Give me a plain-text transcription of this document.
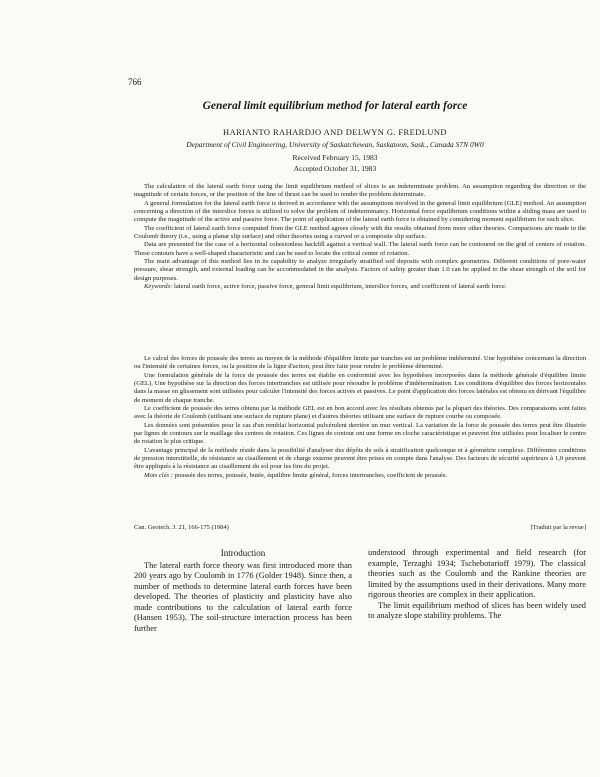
766
General limit equilibrium method for lateral earth force
HARIANTO RAHARDJO AND DELWYN G. FREDLUND
Department of Civil Engineering, University of Saskatchewan, Saskatoon, Sask., Canada S7N 0W0
Received February 15, 1983
Accepted October 31, 1983

The calculation of the lateral earth force using the limit equilibrium method of slices is an indeterminate problem. An assumption regarding the direction or the magnitude of certain forces, or the position of the line of thrust can be used to render the problem determinate.

A general formulation for the lateral earth force is derived in accordance with the assumptions involved in the general limit equilibrium (GLE) method. An assumption concerning a direction of the interslice forces is utilized to solve the problem of indeterminancy. Horizontal force equilibrium conditions within a sliding mass are used to compute the magnitude of the active and passive force. The point of application of the lateral earth force is obtained by considering moment equilibrium for each slice.

The coefficient of lateral earth force computed from the GLE method agrees closely with the results obtained from more other theories. Comparisons are made to the Coulomb theory (i.e., using a planar slip surface) and other theories using a curved or a composite slip surface.

Data are presented for the case of a horizontal cohesionless backfill against a vertical wall. The lateral earth force can be contoured on the grid of centers of rotation. These contours have a well-shaped characteristic and can be used to locate the critical center of rotation.

The main advantage of this method lies in its capability to analyze irregularly stratified soil deposits with complex geometries. Different conditions of pore-water pressure, shear strength, and external loading can be accommodated in the analysis. Factors of safety greater than 1.0 can be applied to the shear strength of the soil for design purposes.

Keywords: lateral earth force, active force, passive force, general limit equilibrium, interslice forces, and coefficient of lateral earth force.

Le calcul des forces de poussée des terres au moyen de la méthode d'équilibre limite par tranches est un problème indéterminé. Une hypothèse concernant la direction ou l'intensité de certaines forces, ou la position de la ligne d'action, peut être faite pour rendre le problème déterminé.

Une formulation générale de la force de poussée des terres est établie en conformité avec les hypothèses incorporées dans la méthode générale d'équilibre limite (GEL). Une hypothèse sur la direction des forces intertranches est utilisée pour résoudre le problème d'indétermination. Les conditions d'équilibre des forces horizontales dans la masse en glissement sont utilisées pour calculer l'intensité des forces actives et passives. Le point d'application des forces latérales est obtenu en dérivant l'équilibre de moment de chaque tranche.

Le coefficient de poussée des terres obtenu par la méthode GEL est en bon accord avec les résultats obtenus par la plupart des théories. Des comparaisons sont faites avec la théorie de Coulomb (utilisant une surface de rupture plane) et d'autres théories utilisant une surface de rupture courbe ou composée.

Les données sont présentées pour le cas d'un remblai horizontal pulvérulent derrière un mur vertical. La variation de la force de poussée des terres peut être illustrée par lignes de contours sur le maillage des centres de rotation. Ces lignes de contour ont une forme en cloche caractéristique et peuvent être utilisées pour localiser le centre de rotation le plus critique.

L'avantage principal de la méthode réside dans la possibilité d'analyser des dépôts de sols à stratification quelconque et à géométrie complexe. Différentes conditions de pression interstitielle, de résistance au cisaillement et de charge externe peuvent être prises en compte dans l'analyse. Des facteurs de sécurité supérieurs à 1,0 peuvent être appliqués à la résistance au cisaillement du sol pour les fins du projet.

Mots clés : poussée des terres, poussée, butée, équilibre limite général, forces intertranches, coefficient de poussée.

Can. Geotech. J. 21, 166-175 (1984)	[Traduit par la revue]
Introduction

The lateral earth force theory was first introduced more than 200 years ago by Coulomb in 1776 (Golder 1948). Since then, a number of methods to determine lateral earth forces have been developed. The theories of plasticity and plasticity have also made contributions to the calculation of lateral earth force (Hansen 1953). The soil-structure interaction process has been further

understood through experimental and field research (for example, Terzaghi 1934; Tschebotarioff 1979). The classical theories such as the Coulomb and the Rankine theories are limited by the assumptions used in their derivations. Many more rigorous theories are complex in their application.

The limit equilibrium method of slices has been widely used to analyze slope stability problems. The
